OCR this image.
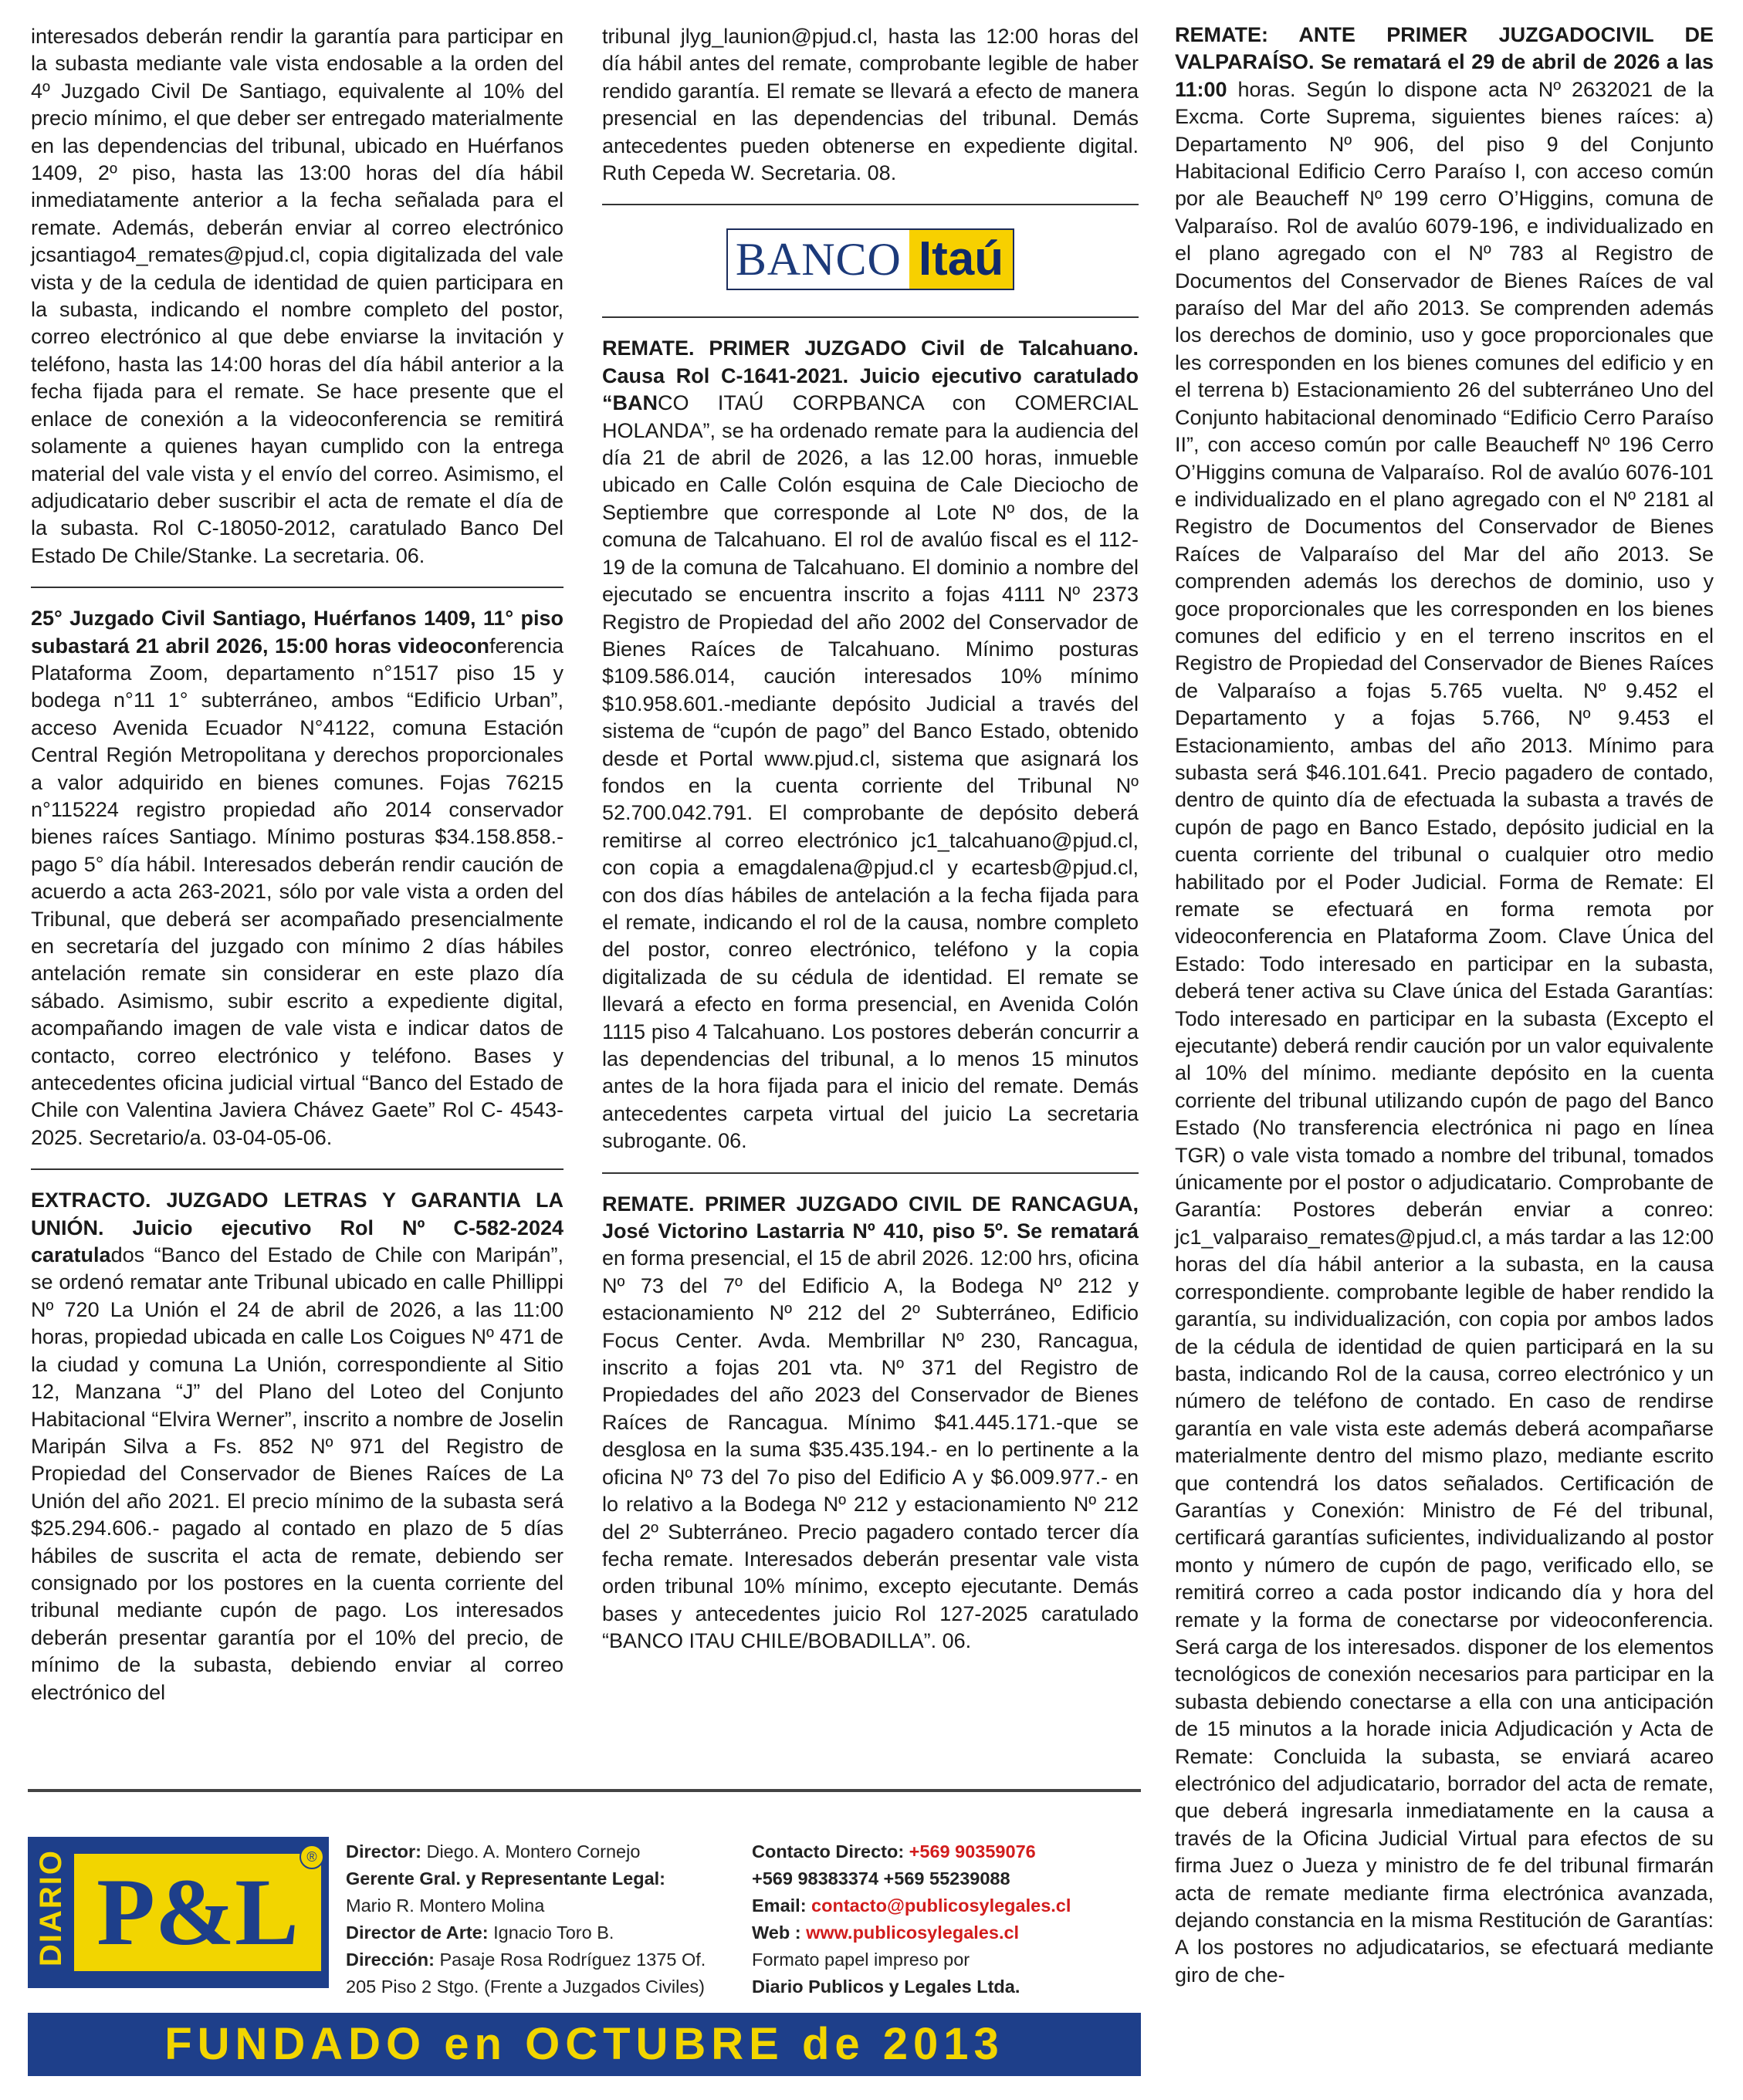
interesados deberán rendir la garantía para participar en la subasta mediante vale vista endosable a la orden del 4º Juzgado Civil De Santiago, equivalente al 10% del precio mínimo, el que deber ser entregado materialmente en las dependencias del tribunal, ubicado en Huérfanos 1409, 2º piso, hasta las 13:00 horas del día hábil inmediatamente anterior a la fecha señalada para el remate. Además, deberán enviar al correo electrónico jcsantiago4_remates@pjud.cl, copia digitalizada del vale vista y de la cedula de identidad de quien participara en la subasta, indicando el nombre completo del postor, correo electrónico al que debe enviarse la invitación y teléfono, hasta las 14:00 horas del día hábil anterior a la fecha fijada para el remate. Se hace presente que el enlace de conexión a la videoconferencia se remitirá solamente a quienes hayan cumplido con la entrega material del vale vista y el envío del correo. Asimismo, el adjudicatario deber suscribir el acta de remate el día de la subasta. Rol C-18050-2012, caratulado Banco Del Estado De Chile/Stanke. La secretaria. 06.

25° Juzgado Civil Santiago, Huérfanos 1409, 11° piso subastará 21 abril 2026, 15:00 horas videoconferencia Plataforma Zoom, departamento n°1517 piso 15 y bodega n°11 1° subterráneo, ambos “Edificio Urban”, acceso Avenida Ecuador N°4122, comuna Estación Central Región Metropolitana y derechos proporcionales a valor adquirido en bienes comunes. Fojas 76215 n°115224 registro propiedad año 2014 conservador bienes raíces Santiago. Mínimo posturas $34.158.858.- pago 5° día hábil. Interesados deberán rendir caución de acuerdo a acta 263-2021, sólo por vale vista a orden del Tribunal, que deberá ser acompañado presencialmente en secretaría del juzgado con mínimo 2 días hábiles antelación remate sin considerar en este plazo día sábado. Asimismo, subir escrito a expediente digital, acompañando imagen de vale vista e indicar datos de contacto, correo electrónico y teléfono. Bases y antecedentes oficina judicial virtual “Banco del Estado de Chile con Valentina Javiera Chávez Gaete” Rol C- 4543-2025. Secretario/a. 03-04-05-06.

EXTRACTO. JUZGADO LETRAS Y GARANTIA LA UNIÓN. Juicio ejecutivo Rol Nº C-582-2024 caratulados “Banco del Estado de Chile con Maripán”, se ordenó rematar ante Tribunal ubicado en calle Phillippi Nº 720 La Unión el 24 de abril de 2026, a las 11:00 horas, propiedad ubicada en calle Los Coigues Nº 471 de la ciudad y comuna La Unión, correspondiente al Sitio 12, Manzana “J” del Plano del Loteo del Conjunto Habitacional “Elvira Werner”, inscrito a nombre de Joselin Maripán Silva a Fs. 852 Nº 971 del Registro de Propiedad del Conservador de Bienes Raíces de La Unión del año 2021. El precio mínimo de la subasta será $25.294.606.- pagado al contado en plazo de 5 días hábiles de suscrita el acta de remate, debiendo ser consignado por los postores en la cuenta corriente del tribunal mediante cupón de pago. Los interesados deberán presentar garantía por el 10% del precio, de mínimo de la subasta, debiendo enviar al correo electrónico del

tribunal jlyg_launion@pjud.cl, hasta las 12:00 horas del día hábil antes del remate, comprobante legible de haber rendido garantía. El remate se llevará a efecto de manera presencial en las dependencias del tribunal. Demás antecedentes pueden obtenerse en expediente digital. Ruth Cepeda W. Secretaria. 08.

BANCO Itaú

REMATE. PRIMER JUZGADO Civil de Talcahuano. Causa Rol C-1641-2021. Juicio ejecutivo caratulado “BANCO ITAÚ CORPBANCA con COMERCIAL HOLANDA”, se ha ordenado remate para la audiencia del día 21 de abril de 2026, a las 12.00 horas, inmueble ubicado en Calle Colón esquina de Cale Dieciocho de Septiembre que corresponde al Lote Nº dos, de la comuna de Talcahuano. El rol de avalúo fiscal es el 112-19 de la comuna de Talcahuano. El dominio a nombre del ejecutado se encuentra inscrito a fojas 4111 Nº 2373 Registro de Propiedad del año 2002 del Conservador de Bienes Raíces de Talcahuano. Mínimo posturas $109.586.014, caución interesados 10% mínimo $10.958.601.-mediante depósito Judicial a través del sistema de “cupón de pago” del Banco Estado, obtenido desde et Portal www.pjud.cl, sistema que asignará los fondos en la cuenta corriente del Tribunal Nº 52.700.042.791. El comprobante de depósito deberá remitirse al correo electrónico jc1_talcahuano@pjud.cl, con copia a emagdalena@pjud.cl y ecartesb@pjud.cl, con dos días hábiles de antelación a la fecha fijada para el remate, indicando el rol de la causa, nombre completo del postor, conreo electrónico, teléfono y la copia digitalizada de su cédula de identidad. El remate se llevará a efecto en forma presencial, en Avenida Colón 1115 piso 4 Talcahuano. Los postores deberán concurrir a las dependencias del tribunal, a lo menos 15 minutos antes de la hora fijada para el inicio del remate. Demás antecedentes carpeta virtual del juicio La secretaria subrogante. 06.

REMATE. PRIMER JUZGADO CIVIL DE RANCAGUA, José Victorino Lastarria Nº 410, piso 5º. Se rematará en forma presencial, el 15 de abril 2026. 12:00 hrs, oficina Nº 73 del 7º del Edificio A, la Bodega Nº 212 y estacionamiento Nº 212 del 2º Subterráneo, Edificio Focus Center. Avda. Membrillar Nº 230, Rancagua, inscrito a fojas 201 vta. Nº 371 del Registro de Propiedades del año 2023 del Conservador de Bienes Raíces de Rancagua. Mínimo $41.445.171.-que se desglosa en la suma $35.435.194.- en lo pertinente a la oficina Nº 73 del 7o piso del Edificio A y $6.009.977.- en lo relativo a la Bodega Nº 212 y estacionamiento Nº 212 del 2º Subterráneo. Precio pagadero contado tercer día fecha remate. Interesados deberán presentar vale vista orden tribunal 10% mínimo, excepto ejecutante. Demás bases y antecedentes juicio Rol 127-2025 caratulado “BANCO ITAU CHILE/BOBADILLA”. 06.

REMATE: ANTE PRIMER JUZGADOCIVIL DE VALPARAÍSO. Se rematará el 29 de abril de 2026 a las 11:00 horas. Según lo dispone acta Nº 2632021 de la Excma. Corte Suprema, siguientes bienes raíces: a) Departamento Nº 906, del piso 9 del Conjunto Habitacional Edificio Cerro Paraíso I, con acceso común por ale Beaucheff Nº 199 cerro O’Higgins, comuna de Valparaíso. Rol de avalúo 6079-196, e individualizado en el plano agregado con el Nº 783 al Registro de Documentos del Conservador de Bienes Raíces de val paraíso del Mar del año 2013. Se comprenden además los derechos de dominio, uso y goce proporcionales que les corresponden en los bienes comunes del edificio y en el terrena b) Estacionamiento 26 del subterráneo Uno del Conjunto habitacional denominado “Edificio Cerro Paraíso II”, con acceso común por calle Beaucheff Nº 196 Cerro O’Higgins comuna de Valparaíso. Rol de avalúo 6076-101 e individualizado en el plano agregado con el Nº 2181 al Registro de Documentos del Conservador de Bienes Raíces de Valparaíso del Mar del año 2013. Se comprenden además los derechos de dominio, uso y goce proporcionales que les corresponden en los bienes comunes del edificio y en el terreno inscritos en el Registro de Propiedad del Conservador de Bienes Raíces de Valparaíso a fojas 5.765 vuelta. Nº 9.452 el Departamento y a fojas 5.766, Nº 9.453 el Estacionamiento, ambas del año 2013. Mínimo para subasta será $46.101.641. Precio pagadero de contado, dentro de quinto día de efectuada la subasta a través de cupón de pago en Banco Estado, depósito judicial en la cuenta corriente del tribunal o cualquier otro medio habilitado por el Poder Judicial. Forma de Remate: El remate se efectuará en forma remota por videoconferencia en Plataforma Zoom. Clave Única del Estado: Todo interesado en participar en la subasta, deberá tener activa su Clave única del Estada Garantías: Todo interesado en participar en la subasta (Excepto el ejecutante) deberá rendir caución por un valor equivalente al 10% del mínimo. mediante depósito en la cuenta corriente del tribunal utilizando cupón de pago del Banco Estado (No transferencia electrónica ni pago en línea TGR) o vale vista tomado a nombre del tribunal, tomados únicamente por el postor o adjudicatario. Comprobante de Garantía: Postores deberán enviar a conreo: jc1_valparaiso_remates@pjud.cl, a más tardar a las 12:00 horas del día hábil anterior a la subasta, en la causa correspondiente. comprobante legible de haber rendido la garantía, su individualización, con copia por ambos lados de la cédula de identidad de quien participará en la su basta, indicando Rol de la causa, correo electrónico y un número de teléfono de contado. En caso de rendirse garantía en vale vista este además deberá acompañarse materialmente dentro del mismo plazo, mediante escrito que contendrá los datos señalados. Certificación de Garantías y Conexión: Ministro de Fé del tribunal, certificará garantías suficientes, individualizando al postor monto y número de cupón de pago, verificado ello, se remitirá correo a cada postor indicando día y hora del remate y la forma de conectarse por videoconferencia. Será carga de los interesados. disponer de los elementos tecnológicos de conexión necesarios para participar en la subasta debiendo conectarse a ella con una anticipación de 15 minutos a la horade inicia Adjudicación y Acta de Remate: Concluida la subasta, se enviará acareo electrónico del adjudicatario, borrador del acta de remate, que deberá ingresarla inmediatamente en la causa a través de la Oficina Judicial Virtual para efectos de su firma Juez o Jueza y ministro de fe del tribunal firmarán acta de remate mediante firma electrónica avanzada, dejando constancia en la misma Restitución de Garantías: A los postores no adjudicatarios, se efectuará mediante giro de che-

DIARIO P&L
®	Director: Diego. A. Montero Cornejo
Gerente Gral. y Representante Legal:
Mario R. Montero Molina
Director de Arte: Ignacio Toro B.
Dirección: Pasaje Rosa Rodríguez 1375 Of.
205 Piso 2 Stgo. (Frente a Juzgados Civiles)
Contacto Directo: +569 90359076
+569 98383374 +569 55239088
Email: contacto@publicosylegales.cl
Web : www.publicosylegales.cl
Formato papel impreso por
Diario Publicos y Legales Ltda.
FUNDADO en OCTUBRE de 2013
